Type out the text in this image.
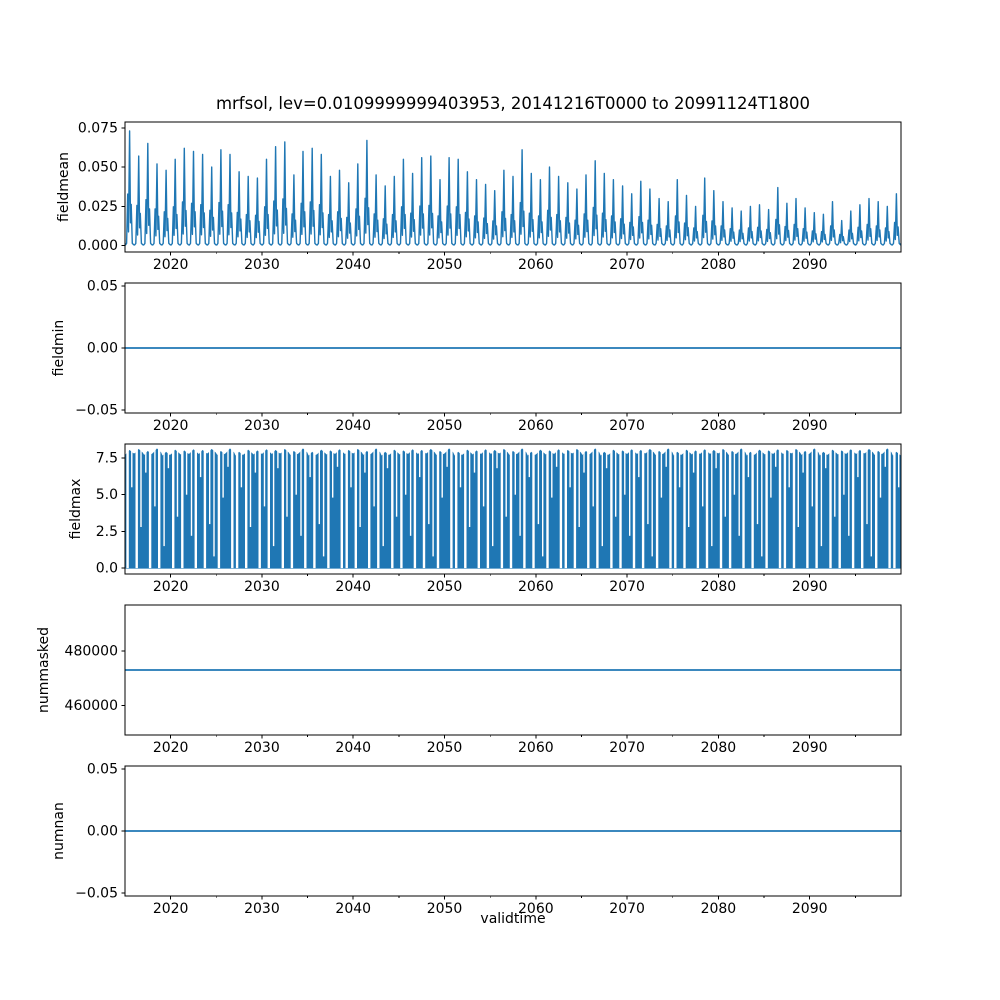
2020	2030	2040	2050	2060	2070	2080	2090
0.000
0.025
0.050
0.075
2020	2030	2040	2050	2060	2070	2080	2090
−0.05
0.00
0.05
2020	2030	2040	2050	2060	2070	2080	2090
0.0
2.5
5.0
7.5
2020	2030	2040	2050	2060	2070	2080	2090
460000
480000
2020	2030	2040	2050	2060	2070	2080	2090
−0.05
0.00
0.05
mrfsol, lev=0.0109999999403953, 20141216T0000 to 20991124T1800
fieldmean
fieldmin
fieldmax
nummasked
numnan
validtime
